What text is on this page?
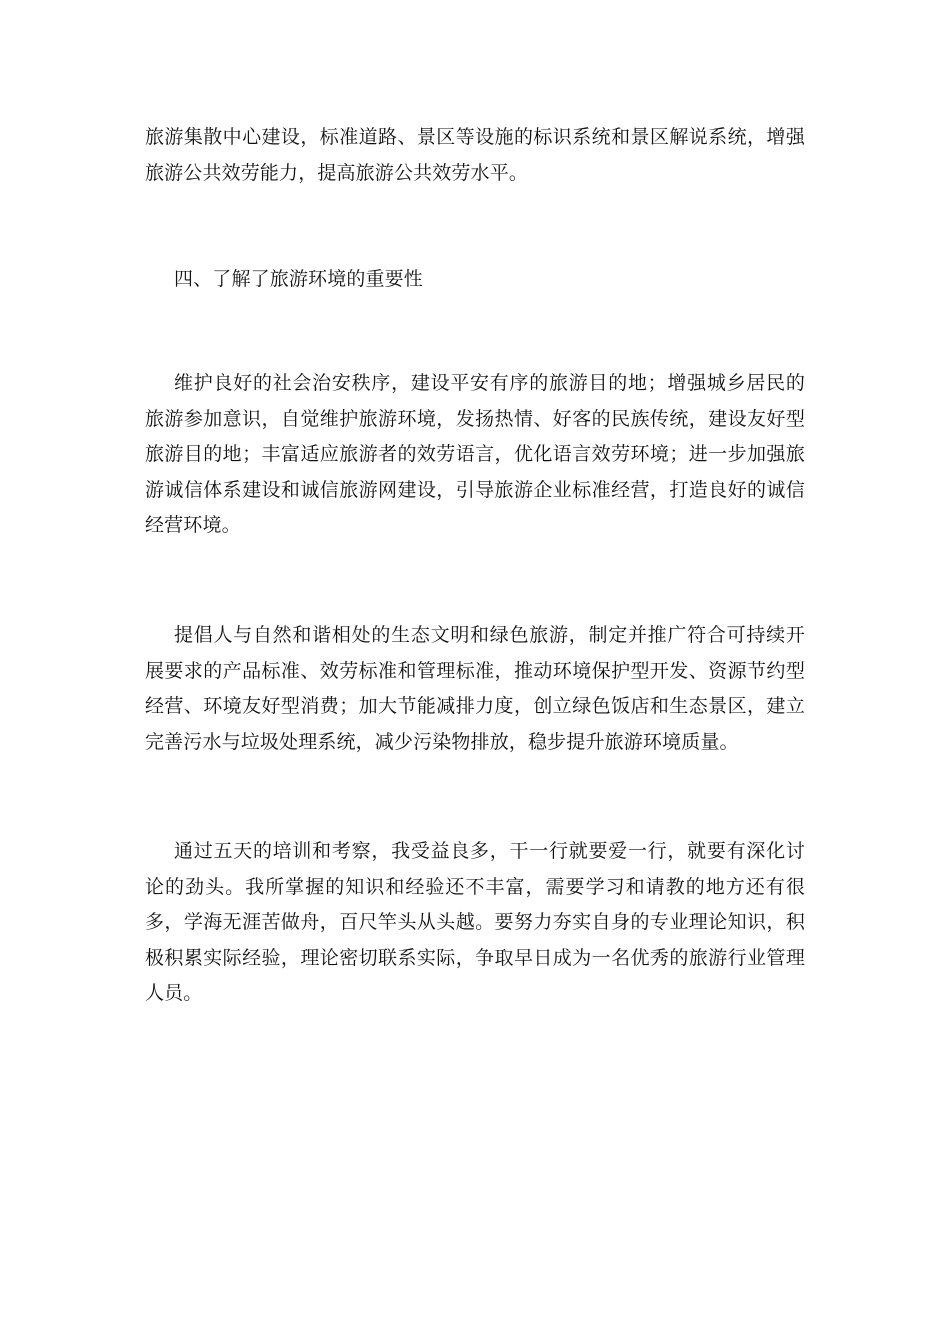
旅游集散中心建设，标准道路、景区等设施的标识系统和景区解说系统，增强旅游公共效劳能力，提高旅游公共效劳水平。

四、了解了旅游环境的重要性

维护良好的社会治安秩序，建设平安有序的旅游目的地；增强城乡居民的旅游参加意识，自觉维护旅游环境，发扬热情、好客的民族传统，建设友好型旅游目的地；丰富适应旅游者的效劳语言，优化语言效劳环境；进一步加强旅游诚信体系建设和诚信旅游网建设，引导旅游企业标准经营，打造良好的诚信经营环境。

提倡人与自然和谐相处的生态文明和绿色旅游，制定并推广符合可持续开展要求的产品标准、效劳标准和管理标准，推动环境保护型开发、资源节约型经营、环境友好型消费；加大节能减排力度，创立绿色饭店和生态景区，建立完善污水与垃圾处理系统，减少污染物排放，稳步提升旅游环境质量。

通过五天的培训和考察，我受益良多，干一行就要爱一行，就要有深化讨论的劲头。我所掌握的知识和经验还不丰富，需要学习和请教的地方还有很多，学海无涯苦做舟，百尺竿头从头越。要努力夯实自身的专业理论知识，积极积累实际经验，理论密切联系实际，争取早日成为一名优秀的旅游行业管理人员。
